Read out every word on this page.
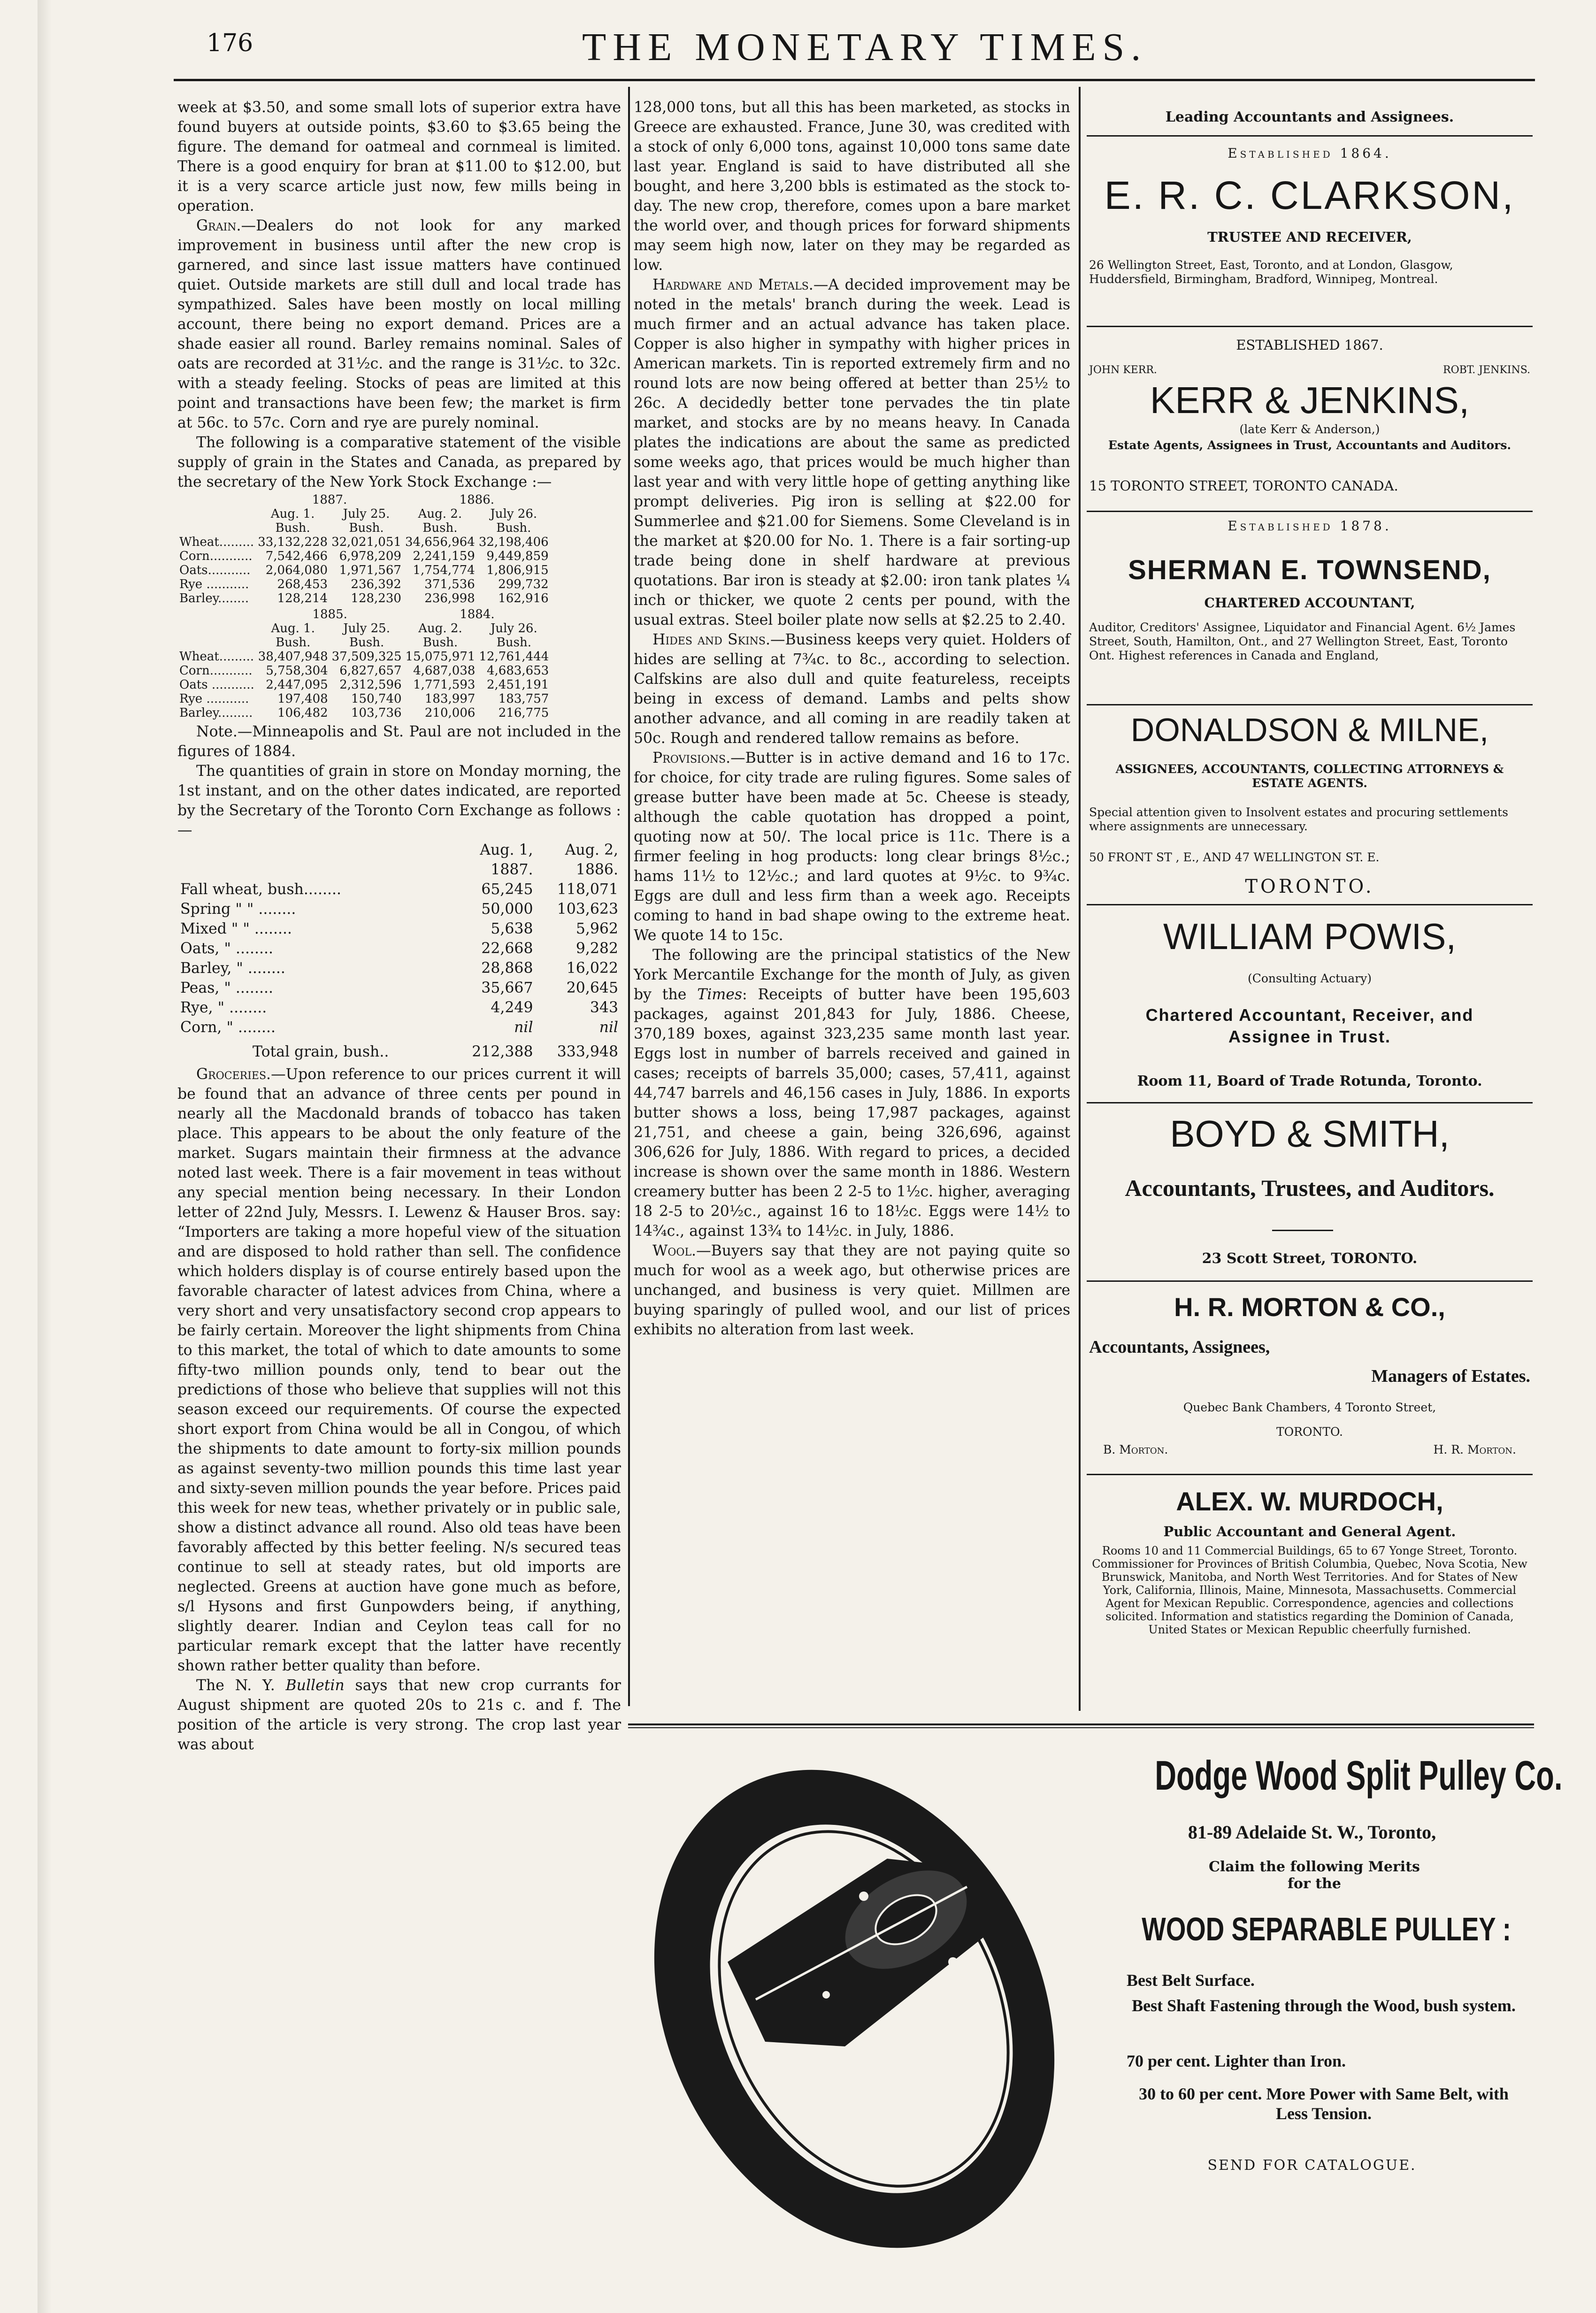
176	THE MONETARY TIMES.

week at $3.50, and some small lots of superior extra have found buyers at outside points, $3.60 to $3.65 being the figure. The demand for oatmeal and cornmeal is limited. There is a good enquiry for bran at $11.00 to $12.00, but it is a very scarce article just now, few mills being in operation.

Grain.—Dealers do not look for any marked improvement in business until after the new crop is garnered, and since last issue matters have continued quiet. Outside markets are still dull and local trade has sympathized. Sales have been mostly on local milling account, there being no export demand. Prices are a shade easier all round. Barley remains nominal. Sales of oats are recorded at 31½c. and the range is 31½c. to 32c. with a steady feeling. Stocks of peas are limited at this point and transactions have been few; the market is firm at 56c. to 57c. Corn and rye are purely nominal.

The following is a comparative statement of the visible supply of grain in the States and Canada, as prepared by the secretary of the New York Stock Exchange :—

	1887.		1886.	
	Aug. 1.	July 25.	Aug. 2.	July 26.
	Bush.	Bush.	Bush.	Bush.
Wheat.........	33,132,228	32,021,051	34,656,964	32,198,406
Corn...........	7,542,466	6,978,209	2,241,159	9,449,859
Oats...........	2,064,080	1,971,567	1,754,774	1,806,915
Rye ...........	268,453	236,392	371,536	299,732
Barley........	128,214	128,230	236,998	162,916
	1885.		1884.	
	Aug. 1.	July 25.	Aug. 2.	July 26.
	Bush.	Bush.	Bush.	Bush.
Wheat.........	38,407,948	37,509,325	15,075,971	12,761,444
Corn...........	5,758,304	6,827,657	4,687,038	4,683,653
Oats ...........	2,447,095	2,312,596	1,771,593	2,451,191
Rye ...........	197,408	150,740	183,997	183,757
Barley.........	106,482	103,736	210,006	216,775

Note.—Minneapolis and St. Paul are not included in the figures of 1884.

The quantities of grain in store on Monday morning, the 1st instant, and on the other dates indicated, are reported by the Secretary of the Toronto Corn Exchange as follows :—

	Aug. 1,	Aug. 2,
	1887.	1886.
Fall wheat, bush........	65,245	118,071
Spring " " ........	50,000	103,623
Mixed " " ........	5,638	5,962
Oats, " ........	22,668	9,282
Barley, " ........	28,868	16,022
Peas, " ........	35,667	20,645
Rye, " ........	4,249	343
Corn, " ........	nil	nil
Total grain, bush..	212,388	333,948

Groceries.—Upon reference to our prices current it will be found that an advance of three cents per pound in nearly all the Macdonald brands of tobacco has taken place. This appears to be about the only feature of the market. Sugars maintain their firmness at the advance noted last week. There is a fair movement in teas without any special mention being necessary. In their London letter of 22nd July, Messrs. I. Lewenz & Hauser Bros. say: “Importers are taking a more hopeful view of the situation and are disposed to hold rather than sell. The confidence which holders display is of course entirely based upon the favorable character of latest advices from China, where a very short and very unsatisfactory second crop appears to be fairly certain. Moreover the light shipments from China to this market, the total of which to date amounts to some fifty-two million pounds only, tend to bear out the predictions of those who believe that supplies will not this season exceed our requirements. Of course the expected short export from China would be all in Congou, of which the shipments to date amount to forty-six million pounds as against seventy-two million pounds this time last year and sixty-seven million pounds the year before. Prices paid this week for new teas, whether privately or in public sale, show a distinct advance all round. Also old teas have been favorably affected by this better feeling. N/s secured teas continue to sell at steady rates, but old imports are neglected. Greens at auction have gone much as before, s/l Hysons and first Gunpowders being, if anything, slightly dearer. Indian and Ceylon teas call for no particular remark except that the latter have recently shown rather better quality than before.

The N. Y. Bulletin says that new crop currants for August shipment are quoted 20s to 21s c. and f. The position of the article is very strong. The crop last year was about

128,000 tons, but all this has been marketed, as stocks in Greece are exhausted. France, June 30, was credited with a stock of only 6,000 tons, against 10,000 tons same date last year. England is said to have distributed all she bought, and here 3,200 bbls is estimated as the stock to-day. The new crop, therefore, comes upon a bare market the world over, and though prices for forward shipments may seem high now, later on they may be regarded as low.

Hardware and Metals.—A decided improvement may be noted in the metals' branch during the week. Lead is much firmer and an actual advance has taken place. Copper is also higher in sympathy with higher prices in American markets. Tin is reported extremely firm and no round lots are now being offered at better than 25½ to 26c. A decidedly better tone pervades the tin plate market, and stocks are by no means heavy. In Canada plates the indications are about the same as predicted some weeks ago, that prices would be much higher than last year and with very little hope of getting anything like prompt deliveries. Pig iron is selling at $22.00 for Summerlee and $21.00 for Siemens. Some Cleveland is in the market at $20.00 for No. 1. There is a fair sorting-up trade being done in shelf hardware at previous quotations. Bar iron is steady at $2.00: iron tank plates ¼ inch or thicker, we quote 2 cents per pound, with the usual extras. Steel boiler plate now sells at $2.25 to 2.40.

Hides and Skins.—Business keeps very quiet. Holders of hides are selling at 7¾c. to 8c., according to selection. Calfskins are also dull and quite featureless, receipts being in excess of demand. Lambs and pelts show another advance, and all coming in are readily taken at 50c. Rough and rendered tallow remains as before.

Provisions.—Butter is in active demand and 16 to 17c. for choice, for city trade are ruling figures. Some sales of grease butter have been made at 5c. Cheese is steady, although the cable quotation has dropped a point, quoting now at 50/. The local price is 11c. There is a firmer feeling in hog products: long clear brings 8½c.; hams 11½ to 12½c.; and lard quotes at 9½c. to 9¾c. Eggs are dull and less firm than a week ago. Receipts coming to hand in bad shape owing to the extreme heat. We quote 14 to 15c.

The following are the principal statistics of the New York Mercantile Exchange for the month of July, as given by the Times: Receipts of butter have been 195,603 packages, against 201,843 for July, 1886. Cheese, 370,189 boxes, against 323,235 same month last year. Eggs lost in number of barrels received and gained in cases; receipts of barrels 35,000; cases, 57,411, against 44,747 barrels and 46,156 cases in July, 1886. In exports butter shows a loss, being 17,987 packages, against 21,751, and cheese a gain, being 326,696, against 306,626 for July, 1886. With regard to prices, a decided increase is shown over the same month in 1886. Western creamery butter has been 2 2-5 to 1½c. higher, averaging 18 2-5 to 20½c., against 16 to 18½c. Eggs were 14½ to 14¾c., against 13¾ to 14½c. in July, 1886.

Wool.—Buyers say that they are not paying quite so much for wool as a week ago, but otherwise prices are unchanged, and business is very quiet. Millmen are buying sparingly of pulled wool, and our list of prices exhibits no alteration from last week.

Leading Accountants and Assignees.
Established 1864.
E. R. C. CLARKSON,
TRUSTEE AND RECEIVER,
26 Wellington Street, East, Toronto, and at London, Glasgow, Huddersfield, Birmingham, Bradford, Winnipeg, Montreal.
ESTABLISHED 1867.
JOHN KERR.	ROBT. JENKINS.
KERR & JENKINS,
(late Kerr & Anderson,)
Estate Agents, Assignees in Trust, Accountants and Auditors.
15 TORONTO STREET, TORONTO CANADA.
Established 1878.
SHERMAN E. TOWNSEND,
CHARTERED ACCOUNTANT,
Auditor, Creditors' Assignee, Liquidator and Financial Agent. 6½ James Street, South, Hamilton, Ont., and 27 Wellington Street, East, Toronto Ont. Highest references in Canada and England,
DONALDSON & MILNE,
ASSIGNEES, ACCOUNTANTS, COLLECTING ATTORNEYS & ESTATE AGENTS.
Special attention given to Insolvent estates and procuring settlements where assignments are unnecessary.
50 FRONT ST , E., AND 47 WELLINGTON ST. E.
TORONTO.
WILLIAM POWIS,
(Consulting Actuary)
Chartered Accountant, Receiver, and Assignee in Trust.
Room 11, Board of Trade Rotunda, Toronto.
BOYD & SMITH,
Accountants, Trustees, and Auditors.
23 Scott Street, TORONTO.
H. R. MORTON & CO.,
Accountants, Assignees,
Managers of Estates.
Quebec Bank Chambers, 4 Toronto Street,
TORONTO.
B. Morton.	H. R. Morton.
ALEX. W. MURDOCH,
Public Accountant and General Agent.
Rooms 10 and 11 Commercial Buildings, 65 to 67 Yonge Street, Toronto. Commissioner for Provinces of British Columbia, Quebec, Nova Scotia, New Brunswick, Manitoba, and North West Territories. And for States of New York, California, Illinois, Maine, Minnesota, Massachusetts. Commercial Agent for Mexican Republic. Correspondence, agencies and collections solicited. Information and statistics regarding the Dominion of Canada, United States or Mexican Republic cheerfully furnished.
Dodge Wood Split Pulley Co.
81-89 Adelaide St. W., Toronto,
Claim the following Merits for the
WOOD SEPARABLE PULLEY :
Best Belt Surface.
Best Shaft Fastening through the Wood, bush system.
70 per cent. Lighter than Iron.
30 to 60 per cent. More Power with Same Belt, with Less Tension.
SEND FOR CATALOGUE.
